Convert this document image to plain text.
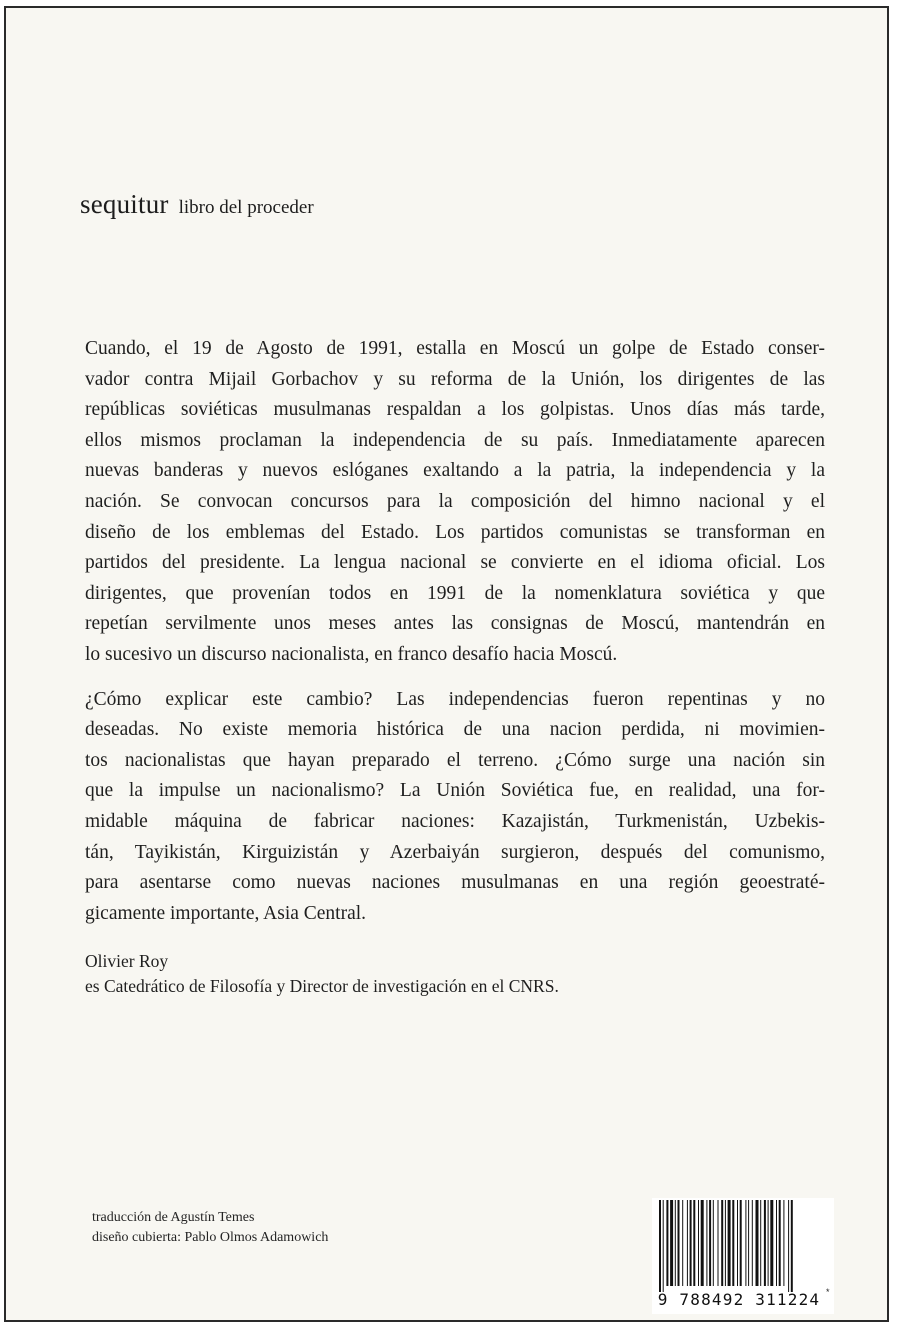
sequitur libro del proceder
Cuando, el 19 de Agosto de 1991, estalla en Moscú un golpe de Estado conser-
vador contra Mijail Gorbachov y su reforma de la Unión, los dirigentes de las
repúblicas soviéticas musulmanas respaldan a los golpistas. Unos días más tarde,
ellos mismos proclaman la independencia de su país. Inmediatamente aparecen
nuevas banderas y nuevos eslóganes exaltando a la patria, la independencia y la
nación. Se convocan concursos para la composición del himno nacional y el
diseño de los emblemas del Estado. Los partidos comunistas se transforman en
partidos del presidente. La lengua nacional se convierte en el idioma oficial. Los
dirigentes, que provenían todos en 1991 de la nomenklatura soviética y que
repetían servilmente unos meses antes las consignas de Moscú, mantendrán en
lo sucesivo un discurso nacionalista, en franco desafío hacia Moscú.
¿Cómo explicar este cambio? Las independencias fueron repentinas y no
deseadas. No existe memoria histórica de una nacion perdida, ni movimien-
tos nacionalistas que hayan preparado el terreno. ¿Cómo surge una nación sin
que la impulse un nacionalismo? La Unión Soviética fue, en realidad, una for-
midable máquina de fabricar naciones: Kazajistán, Turkmenistán, Uzbekis-
tán, Tayikistán, Kirguizistán y Azerbaiyán surgieron, después del comunismo,
para asentarse como nuevas naciones musulmanas en una región geoestraté-
gicamente importante, Asia Central.
Olivier Roy
es Catedrático de Filosofía y Director de investigación en el CNRS.
traducción de Agustín Temes
diseño cubierta: Pablo Olmos Adamowich
9 788492 311224 *
